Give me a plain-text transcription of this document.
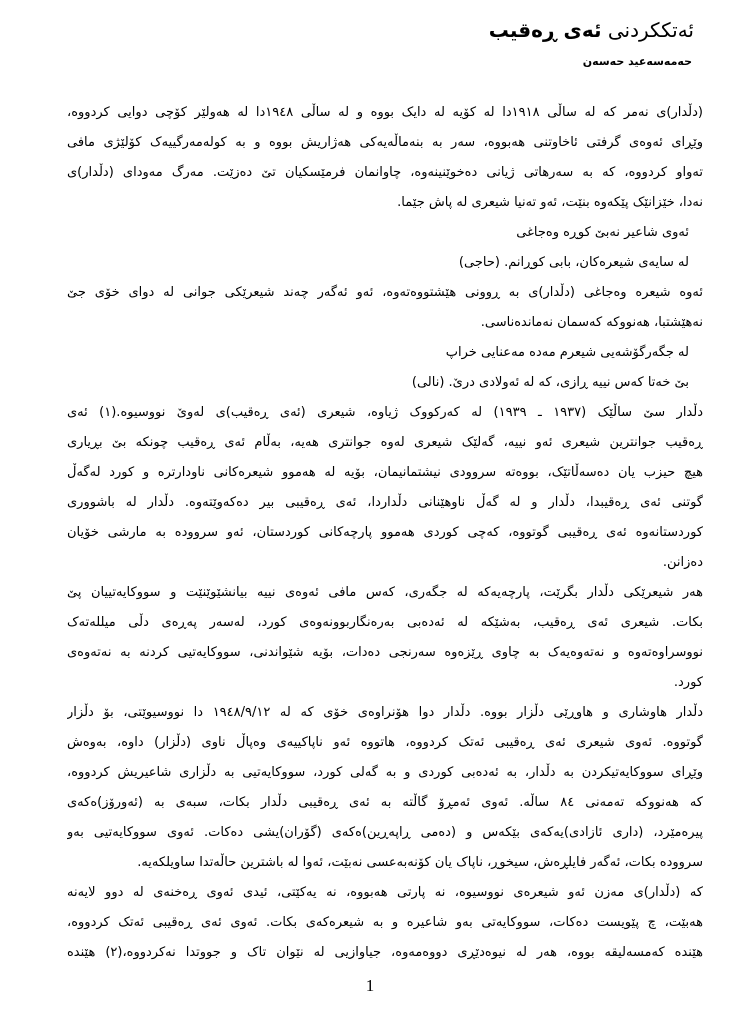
ئەتککردنی ئەی ڕەقیب
حەمەسەعید حەسەن
(دڵدار)ی نەمر کە لە ساڵی ١٩١٨دا لە کۆیە لە دایک بووە و لە ساڵی ١٩٤٨دا لە هەولێر کۆچی دوایی کردووە،
وێڕای ئەوەی گرفتی ئاخاوتنی هەبووە، سەر بە بنەماڵەیەکی هەژاریش بووە و بە کولەمەرگییەک کۆلێژی مافی
تەواو کردووە، کە بە سەرهاتی ژیانی دەخوێنینەوە، چاوانمان فرمێسکیان تێ دەزێت. مەرگ مەودای (دڵدار)ی
نەدا، خێزانێک پێکەوە بنێت، ئەو تەنیا شیعری لە پاش جێما.
ئەوی شاعیر نەبێ کوڕە وەجاغی
لە سایەی شیعرەکان، بابی کوڕانم. (حاجی)
ئەوە شیعرە وەجاغی (دڵدار)ی بە ڕوونی هێشتووەتەوە، ئەو ئەگەر چەند شیعرێکی جوانی لە دوای خۆی جێ
نەهێشتبا، هەنووکە کەسمان نەماندەناسی.
لە جگەرگۆشەیی شیعرم مەدە مەعنایی خراپ
بێ خەتا کەس نییە ڕازی، کە لە ئەولادی درێ. (نالی)
دڵدار سێ ساڵێک (١٩٣٧ ـ ١٩٣٩) لە کەرکووک ژیاوە، شیعری (ئەی ڕەقیب)ی لەوێ نووسیوە.(١) ئەی
ڕەقیب جوانترین شیعری ئەو نییە، گەلێک شیعری لەوە جوانتری هەیە، بەڵام ئەی ڕەقیب چونکە بێ بڕیاری
هیچ حیزب یان دەسەڵاتێک، بووەتە سروودی نیشتمانیمان، بۆیە لە هەموو شیعرەکانی ناودارترە و کورد لەگەڵ
گوتنی ئەی ڕەقیبدا، دڵدار و لە گەڵ ناوهێنانی دڵداردا، ئەی ڕەقیبی بیر دەکەوێتەوە. دڵدار لە باشووری
کوردستانەوە ئەی ڕەقیبی گوتووە، کەچی کوردی هەموو پارچەکانی کوردستان، ئەو سروودە بە مارشی خۆیان
دەزانن.
هەر شیعرێکی دڵدار بگرێت، پارچەیەکە لە جگەری، کەس مافی ئەوەی نییە بیانشێوێنێت و سووکایەتییان پێ
بکات. شیعری ئەی ڕەقیب، بەشێکە لە ئەدەبی بەرەنگاربوونەوەی کورد، لەسەر پەڕەی دڵی میللەتەک
نووسراوەتەوە و نەتەوەیەک بە چاوی ڕێزەوە سەرنجی دەدات، بۆیە شێواندنی، سووکایەتیی کردنە بە نەتەوەی
کورد.
دڵدار هاوشاری و هاوڕێی دڵزار بووە. دڵدار دوا هۆنراوەی خۆی کە لە ١٩٤٨/٩/١٢ دا نووسیوێتی، بۆ دڵزار
گوتووە. ئەوی شیعری ئەی ڕەقیبی ئەتک کردووە، هاتووە ئەو ناپاکییەی وەپاڵ ناوی (دڵزار) داوە، بەوەش
وێڕای سووکایەتیکردن بە دڵدار، بە ئەدەبی کوردی و بە گەلی کورد، سووکایەتیی بە دڵزاری شاعیریش کردووە،
کە هەنووکە تەمەنی ٨٤ ساڵە. ئەوی ئەمڕۆ گاڵتە بە ئەی ڕەقیبی دڵدار بکات، سبەی بە (ئەورۆز)ەکەی
پیرەمێرد، (داری ئازادی)یەکەی بێکەس و (دەمی ڕاپەڕین)ەکەی (گۆران)یشی دەکات. ئەوی سووکایەتیی بەو
سرووده بکات، ئەگەر فایلڕەش، سیخوڕ، ناپاک یان کۆنەبەعسی نەبێت، ئەوا لە باشترین حاڵەتدا ساویلکەیە.
کە (دڵدار)ی مەزن ئەو شیعرەی نووسیوە، نە پارتی هەبووە، نە یەکێتی، ئیدی ئەوی ڕەخنەی لە دوو لایەنە
هەبێت، چ پێویست دەکات، سووکایەتی بەو شاعیرە و بە شیعرەکەی بکات. ئەوی ئەی ڕەقیبی ئەتک کردووە،
هێندە کەمسەلیقە بووە، هەر لە نیوەدێڕی دووەمەوە، جیاوازیی لە نێوان تاک و جووتدا نەکردووە،(٢) هێندە
1
